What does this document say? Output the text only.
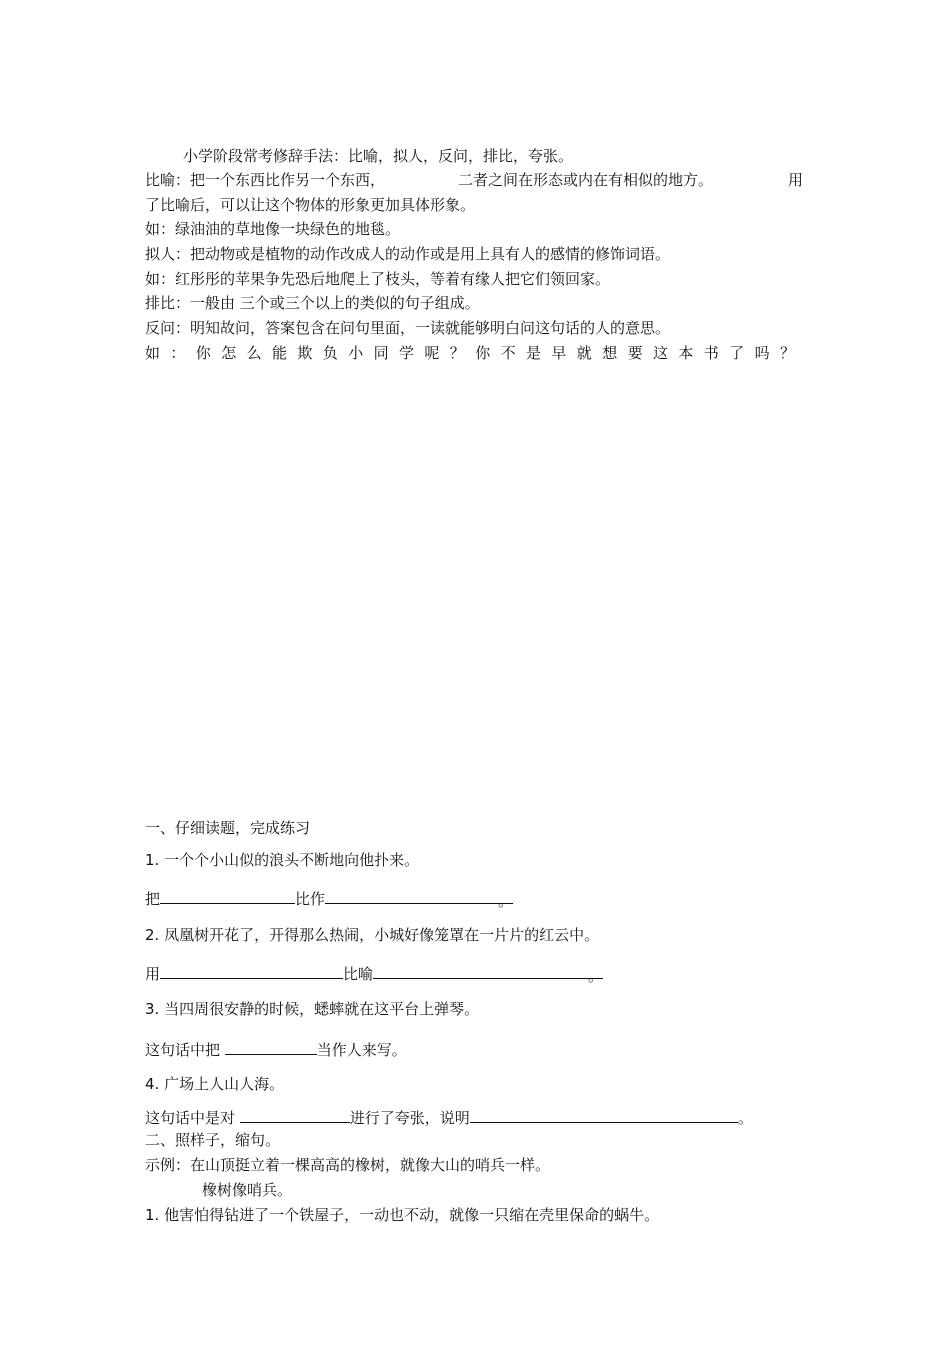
小学阶段常考修辞手法：比喻，拟人，反问，排比，夸张。
比喻：把一个东西比作另一个东西，	二者之间在形态或内在有相似的地方。	用
了比喻后，可以让这个物体的形象更加具体形象。
如：绿油油的草地像一块绿色的地毯。
拟人：把动物或是植物的动作改成人的动作或是用上具有人的感情的修饰词语。
如：红彤彤的苹果争先恐后地爬上了枝头，等着有缘人把它们领回家。
排比：一般由 三个或三个以上的类似的句子组成。
反问：明知故问，答案包含在问句里面，一读就能够明白问这句话的人的意思。
如：你怎么能欺负小同学呢？你不是早就想要这本书了吗？
一、仔细读题，完成练习
1. 一个个小山似的浪头不断地向他扑来。
把	比作	。
2. 凤凰树开花了，开得那么热闹，小城好像笼罩在一片片的红云中。
用	比喻	。
3. 当四周很安静的时候，蟋蟀就在这平台上弹琴。
这句话中把	当作人来写。
4. 广场上人山人海。
这句话中是对	进行了夸张，说明	。
二、照样子，缩句。
示例：在山顶挺立着一棵高高的橡树，就像大山的哨兵一样。
橡树像哨兵。
1. 他害怕得钻进了一个铁屋子，一动也不动，就像一只缩在壳里保命的蜗牛。
